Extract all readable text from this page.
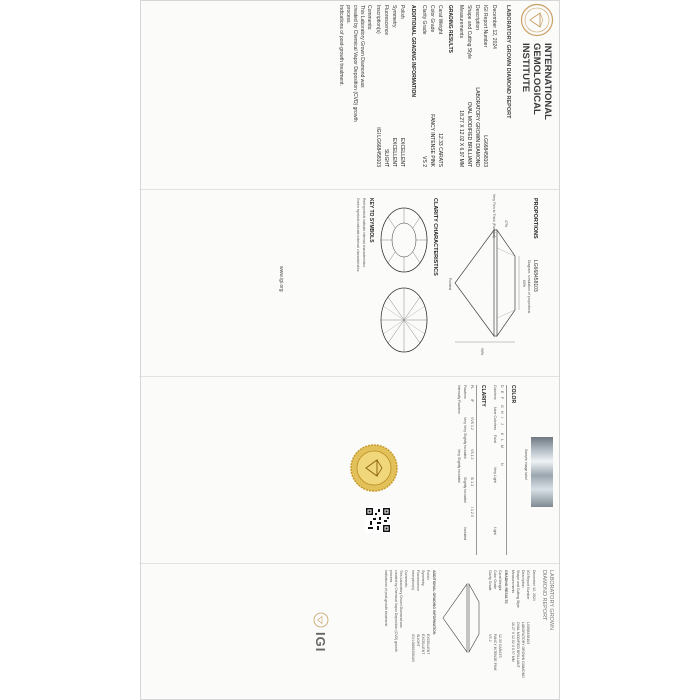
INTERNATIONAL
GEMOLOGICAL
INSTITUTE
LABORATORY GROWN DIAMOND REPORT
December 12, 2024
IGI Report Number
LG668458103
Description
LABORATORY GROWN DIAMOND
Shape and Cutting Style
OVAL MODIFIED BRILLIANT
Measurements
18.27 X 12.02 X 6.97 MM
GRADING RESULTS
Carat Weight
12.33 CARATS
Color Grade
FANCY INTENSE PINK
Clarity Grade
VS 2
ADDITIONAL GRADING INFORMATION
Polish
EXCELLENT
Symmetry
EXCELLENT
Fluorescence
SLIGHT
Inscription(s)
IGI LG668458103
Comments:
This Laboratory Grown Diamond was
created by Chemical Vapor Deposition (CVD) growth
process.
Indications of post-growth treatment.
PROPORTIONS
LG668458103
Diagram: simulation of proportions
60%
47%
Very Thin to Thick (Faceted)
98%
Pointed
CLARITY CHARACTERISTICS
KEY TO SYMBOLS
Red symbols indicate internal characteristics.
Green symbols indicate external characteristics.
www.igi.org
Sample image label
COLOR
D
E
F
G
H
I
J
K
L
M
N
Colorless
Near Colorless
Faint
Very Light
Light
CLARITY
FL
IF
VVS 1 2
VS 1 2
SI 1 2
I 1 2 3
Flawless
Internally Flawless
Very Very Slightly Included
Very Slightly Included
Slightly Included
Included
LABORATORY GROWN
DIAMOND REPORT
December 12, 2024
IGI Report Number
LG668458103
Description
LABORATORY GROWN DIAMOND
Shape and Cutting Style
OVAL MODIFIED BRILLIANT
Measurements
18.27 X 12.02 X 6.97 MM
GRADING RESULTS
Carat Weight
12.33 CARATS
Color Grade
FANCY INTENSE PINK
Clarity Grade
VS 2
ADDITIONAL GRADING INFORMATION
Polish
EXCELLENT
Symmetry
EXCELLENT
Fluorescence
SLIGHT
Inscription(s)
IGI LG668458103
Comments:
This Laboratory Grown Diamond was
created by Chemical Vapor Deposition (CVD) growth
process.
Indications of post-growth treatment.
IGI
